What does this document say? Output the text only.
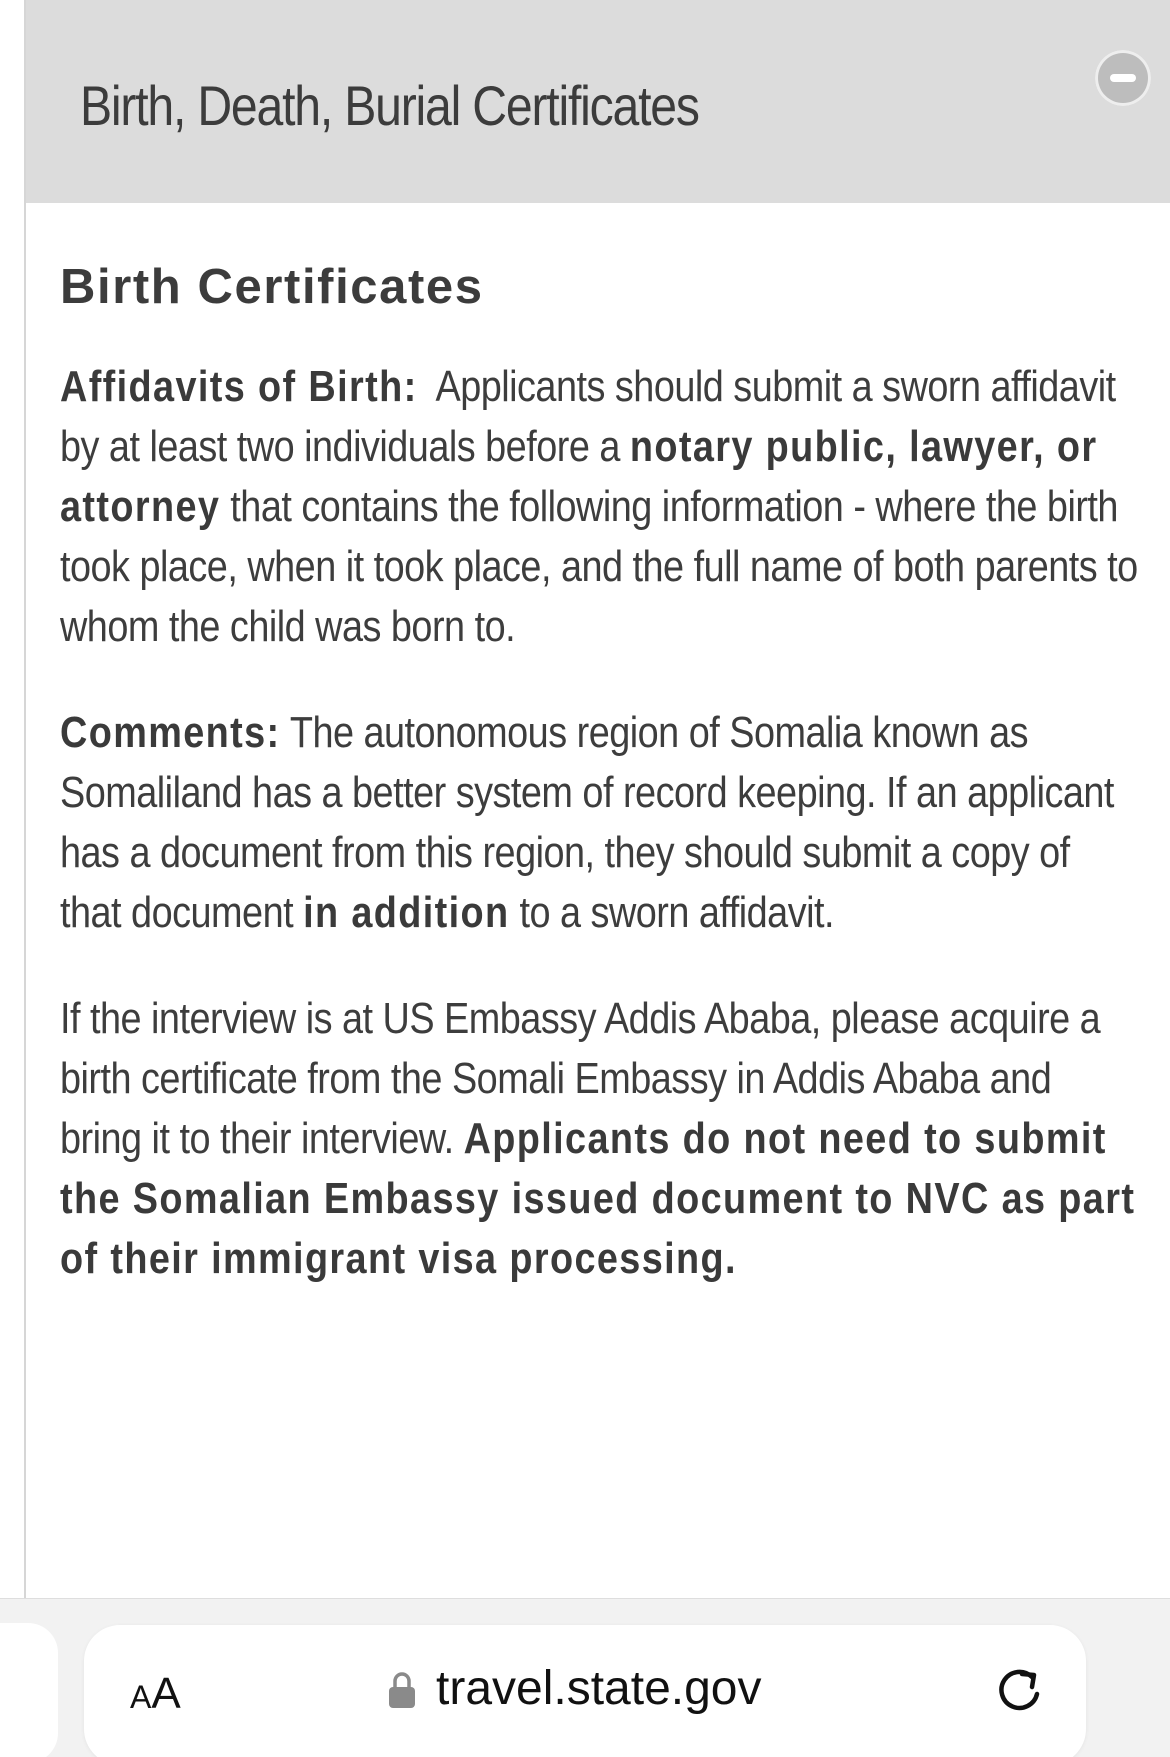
Birth, Death, Burial Certificates
Birth Certificates

Affidavits of Birth: Applicants should submit a sworn affidavit by at least two individuals before a notary public, lawyer, or attorney that contains the following information - where the birth took place, when it took place, and the full name of both parents to whom the child was born to.

Comments: The autonomous region of Somalia known as Somaliland has a better system of record keeping. If an applicant has a document from this region, they should submit a copy of that document in addition to a sworn affidavit.

If the interview is at US Embassy Addis Ababa, please acquire a birth certificate from the Somali Embassy in Addis Ababa and bring it to their interview. Applicants do not need to submit the Somalian Embassy issued document to NVC as part of their immigrant visa processing.

AA	travel.state.gov
